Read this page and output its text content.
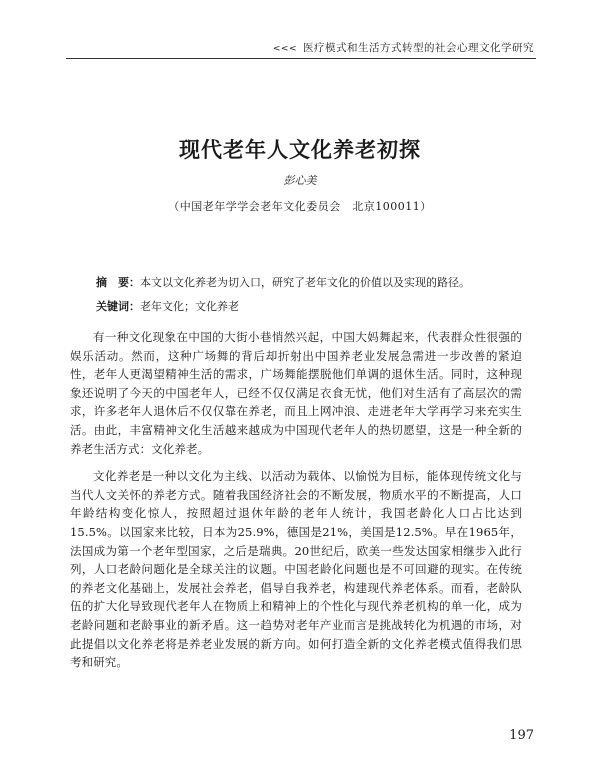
<<< 医疗模式和生活方式转型的社会心理文化学研究
现代老年人文化养老初探
彭心美
（中国老年学学会老年文化委员会　北京100011）
摘　要：本文以文化养老为切入口，研究了老年文化的价值以及实现的路径。
关键词：老年文化；文化养老

有一种文化现象在中国的大街小巷悄然兴起，中国大妈舞起来，代表群众性很强的娱乐活动。然而，这种广场舞的背后却折射出中国养老业发展急需进一步改善的紧迫性，老年人更渴望精神生活的需求，广场舞能摆脱他们单调的退休生活。同时，这种现象还说明了今天的中国老年人，已经不仅仅满足衣食无忧，他们对生活有了高层次的需求，许多老年人退休后不仅仅靠在养老，而且上网冲浪、走进老年大学再学习来充实生活。由此，丰富精神文化生活越来越成为中国现代老年人的热切愿望，这是一种全新的养老生活方式：文化养老。

文化养老是一种以文化为主线、以活动为载体、以愉悦为目标，能体现传统文化与当代人文关怀的养老方式。随着我国经济社会的不断发展，物质水平的不断提高，人口年龄结构变化惊人，按照超过退休年龄的老年人统计，我国老龄化人口占比达到15.5%。以国家来比较，日本为25.9%，德国是21%，美国是12.5%。早在1965年，法国成为第一个老年型国家，之后是瑞典。20世纪后，欧美一些发达国家相继步入此行列，人口老龄问题化是全球关注的议题。中国老龄化问题也是不可回避的现实。在传统的养老文化基础上，发展社会养老，倡导自我养老，构建现代养老体系。而看，老龄队伍的扩大化导致现代老年人在物质上和精神上的个性化与现代养老机构的单一化，成为老龄问题和老龄事业的新矛盾。这一趋势对老年产业而言是挑战转化为机遇的市场，对此提倡以文化养老将是养老业发展的新方向。如何打造全新的文化养老模式值得我们思考和研究。

197
